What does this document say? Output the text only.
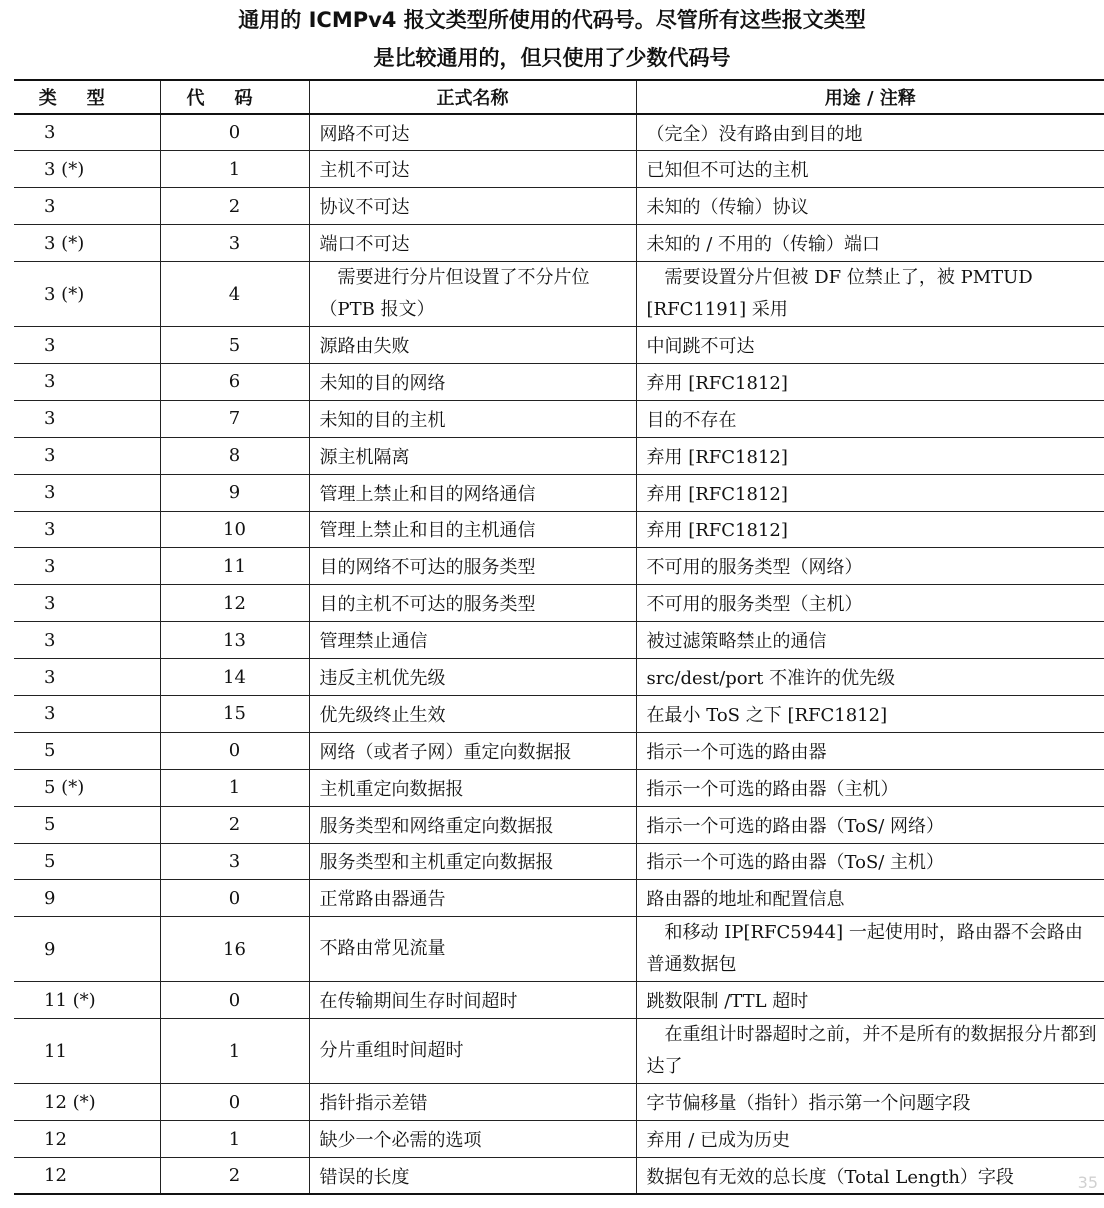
通用的 ICMPv4 报文类型所使用的代码号。尽管所有这些报文类型
是比较通用的，但只使用了少数代码号
类型	代码	正式名称	用途 / 注释
3	0	网路不可达	（完全）没有路由到目的地
3 (*)	1	主机不可达	已知但不可达的主机
3	2	协议不可达	未知的（传输）协议
3 (*)	3	端口不可达	未知的 / 不用的（传输）端口
3 (*)	4	　需要进行分片但设置了不分片位（PTB 报文）	　需要设置分片但被 DF 位禁止了，被 PMTUD [RFC1191] 采用
3	5	源路由失败	中间跳不可达
3	6	未知的目的网络	弃用 [RFC1812]
3	7	未知的目的主机	目的不存在
3	8	源主机隔离	弃用 [RFC1812]
3	9	管理上禁止和目的网络通信	弃用 [RFC1812]
3	10	管理上禁止和目的主机通信	弃用 [RFC1812]
3	11	目的网络不可达的服务类型	不可用的服务类型（网络）
3	12	目的主机不可达的服务类型	不可用的服务类型（主机）
3	13	管理禁止通信	被过滤策略禁止的通信
3	14	违反主机优先级	src/dest/port 不准许的优先级
3	15	优先级终止生效	在最小 ToS 之下 [RFC1812]
5	0	网络（或者子网）重定向数据报	指示一个可选的路由器
5 (*)	1	主机重定向数据报	指示一个可选的路由器（主机）
5	2	服务类型和网络重定向数据报	指示一个可选的路由器（ToS/ 网络）
5	3	服务类型和主机重定向数据报	指示一个可选的路由器（ToS/ 主机）
9	0	正常路由器通告	路由器的地址和配置信息
9	16	不路由常见流量	　和移动 IP[RFC5944] 一起使用时，路由器不会路由普通数据包
11 (*)	0	在传输期间生存时间超时	跳数限制 /TTL 超时
11	1	分片重组时间超时	　在重组计时器超时之前，并不是所有的数据报分片都到达了
12 (*)	0	指针指示差错	字节偏移量（指针）指示第一个问题字段
12	1	缺少一个必需的选项	弃用 / 已成为历史
12	2	错误的长度	数据包有无效的总长度（Total Length）字段	35
